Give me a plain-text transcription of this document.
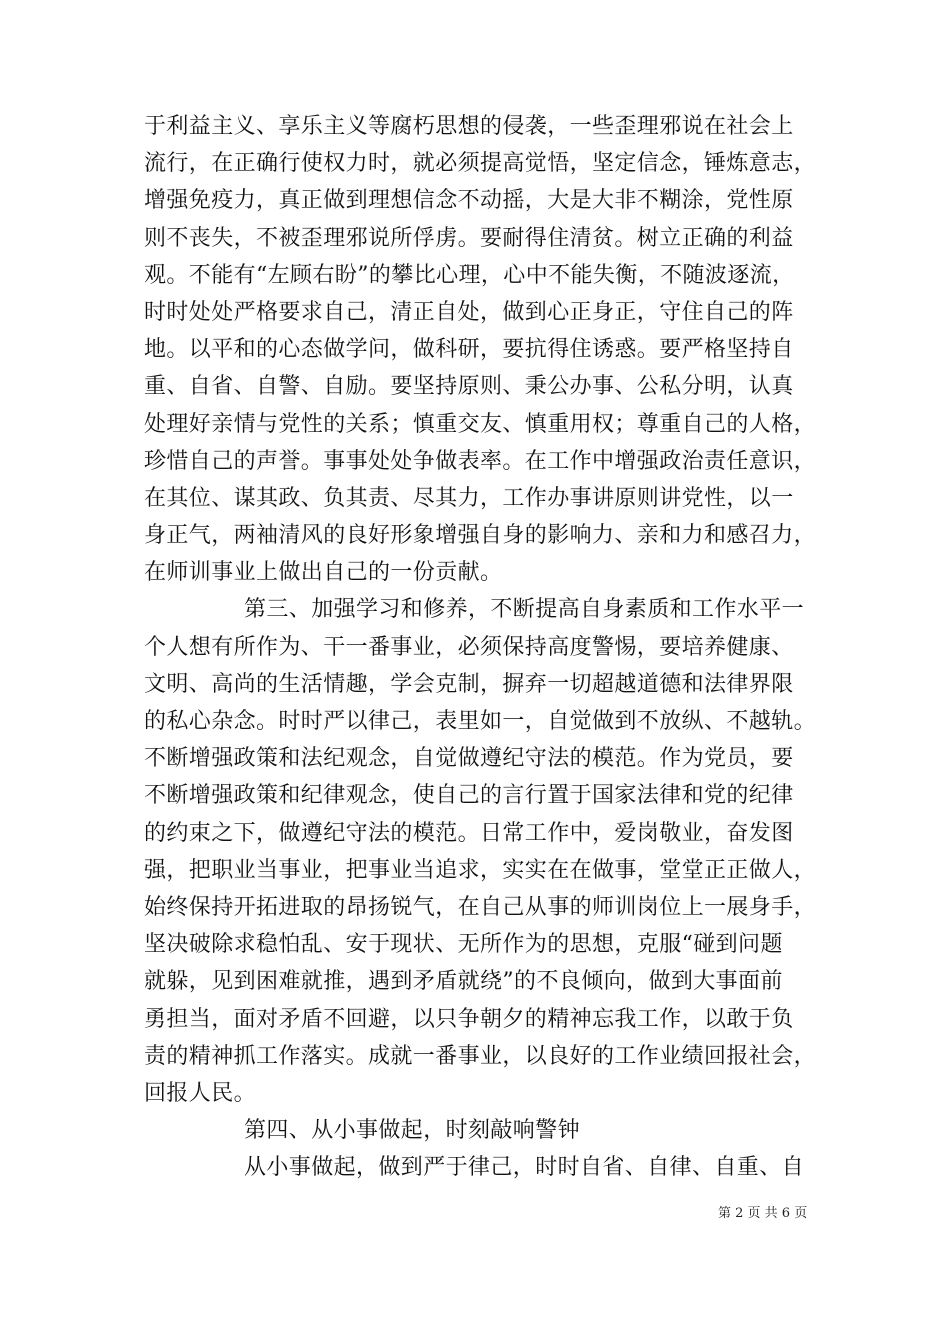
于利益主义、享乐主义等腐朽思想的侵袭，一些歪理邪说在社会上
流行，在正确行使权力时，就必须提高觉悟，坚定信念，锤炼意志，
增强免疫力，真正做到理想信念不动摇，大是大非不糊涂，党性原
则不丧失，不被歪理邪说所俘虏。要耐得住清贫。树立正确的利益
观。不能有“左顾右盼”的攀比心理，心中不能失衡，不随波逐流，
时时处处严格要求自己，清正自处，做到心正身正，守住自己的阵
地。以平和的心态做学问，做科研，要抗得住诱惑。要严格坚持自
重、自省、自警、自励。要坚持原则、秉公办事、公私分明，认真
处理好亲情与党性的关系；慎重交友、慎重用权；尊重自己的人格，
珍惜自己的声誉。事事处处争做表率。在工作中增强政治责任意识，
在其位、谋其政、负其责、尽其力，工作办事讲原则讲党性，以一
身正气，两袖清风的良好形象增强自身的影响力、亲和力和感召力，
在师训事业上做出自己的一份贡献。
第三、加强学习和修养，不断提高自身素质和工作水平一
个人想有所作为、干一番事业，必须保持高度警惕，要培养健康、
文明、高尚的生活情趣，学会克制，摒弃一切超越道德和法律界限
的私心杂念。时时严以律己，表里如一，自觉做到不放纵、不越轨。
不断增强政策和法纪观念，自觉做遵纪守法的模范。作为党员，要
不断增强政策和纪律观念，使自己的言行置于国家法律和党的纪律
的约束之下，做遵纪守法的模范。日常工作中，爱岗敬业，奋发图
强，把职业当事业，把事业当追求，实实在在做事，堂堂正正做人，
始终保持开拓进取的昂扬锐气，在自己从事的师训岗位上一展身手，
坚决破除求稳怕乱、安于现状、无所作为的思想，克服“碰到问题
就躲，见到困难就推，遇到矛盾就绕”的不良倾向，做到大事面前
勇担当，面对矛盾不回避，以只争朝夕的精神忘我工作，以敢于负
责的精神抓工作落实。成就一番事业，以良好的工作业绩回报社会，
回报人民。
第四、从小事做起，时刻敲响警钟
从小事做起，做到严于律己，时时自省、自律、自重、自
第 2 页 共 6 页
